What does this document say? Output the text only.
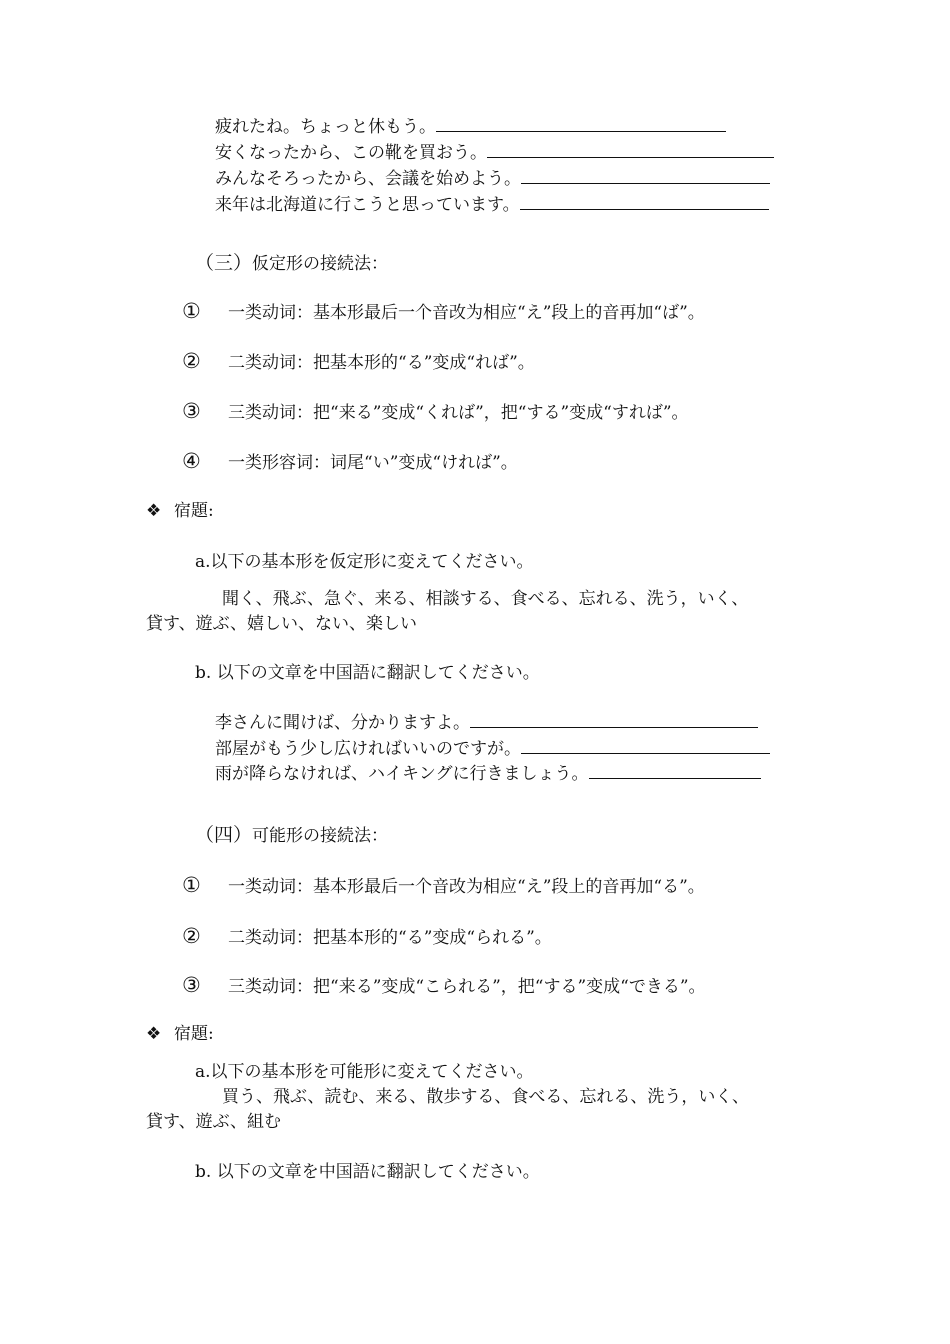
疲れたね。ちょっと休もう。
安くなったから、この靴を買おう。
みんなそろったから、会議を始めよう。
来年は北海道に行こうと思っています。
（三）仮定形の接続法：
① 一类动词：基本形最后一个音改为相应“え”段上的音再加“ば”。
② 二类动词：把基本形的“る”变成“れば”。
③ 三类动词：把“来る”变成“くれば”，把“する”变成“すれば”。
④ 一类形容词：词尾“い”变成“ければ”。
❖ 宿題:
a.以下の基本形を仮定形に変えてください。
聞く、飛ぶ、急ぐ、来る、相談する、食べる、忘れる、洗う，いく、
貸す、遊ぶ、嬉しい、ない、楽しい
b. 以下の文章を中国語に翻訳してください。
李さんに聞けば、分かりますよ。
部屋がもう少し広ければいいのですが。
雨が降らなければ、ハイキングに行きましょう。
（四）可能形の接続法：
① 一类动词：基本形最后一个音改为相应“え”段上的音再加“る”。
② 二类动词：把基本形的“る”变成“られる”。
③ 三类动词：把“来る”变成“こられる”，把“する”变成“できる”。
❖ 宿題:
a.以下の基本形を可能形に変えてください。
買う、飛ぶ、読む、来る、散歩する、食べる、忘れる、洗う，いく、
貸す、遊ぶ、組む
b. 以下の文章を中国語に翻訳してください。
